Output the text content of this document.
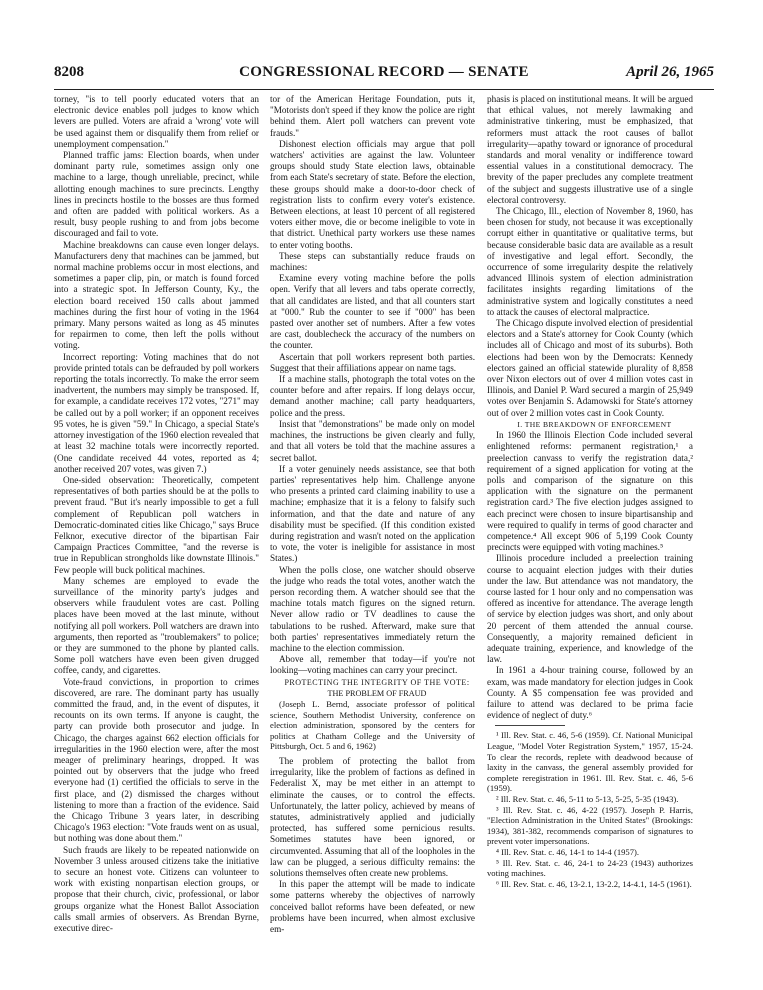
CONGRESSIONAL RECORD — SENATE
8208	April 26, 1965

torney, "is to tell poorly educated voters that an electronic device enables poll judges to know which levers are pulled. Voters are afraid a 'wrong' vote will be used against them or disqualify them from relief or unemployment compensation."

Planned traffic jams: Election boards, when under dominant party rule, sometimes assign only one machine to a large, though unreliable, precinct, while allotting enough machines to sure precincts. Lengthy lines in precincts hostile to the bosses are thus formed and often are padded with political workers. As a result, busy people rushing to and from jobs become discouraged and fail to vote.

Machine breakdowns can cause even longer delays. Manufacturers deny that machines can be jammed, but normal machine problems occur in most elections, and sometimes a paper clip, pin, or match is found forced into a strategic spot. In Jefferson County, Ky., the election board received 150 calls about jammed machines during the first hour of voting in the 1964 primary. Many persons waited as long as 45 minutes for repairmen to come, then left the polls without voting.

Incorrect reporting: Voting machines that do not provide printed totals can be defrauded by poll workers reporting the totals incorrectly. To make the error seem inadvertent, the numbers may simply be transposed. If, for example, a candidate receives 172 votes, "271" may be called out by a poll worker; if an opponent receives 95 votes, he is given "59." In Chicago, a special State's attorney investigation of the 1960 election revealed that at least 32 machine totals were incorrectly reported. (One candidate received 44 votes, reported as 4; another received 207 votes, was given 7.)

One-sided observation: Theoretically, competent representatives of both parties should be at the polls to prevent fraud. "But it's nearly impossible to get a full complement of Republican poll watchers in Democratic-dominated cities like Chicago," says Bruce Felknor, executive director of the bipartisan Fair Campaign Practices Committee, "and the reverse is true in Republican strongholds like downstate Illinois." Few people will buck political machines.

Many schemes are employed to evade the surveillance of the minority party's judges and observers while fraudulent votes are cast. Polling places have been moved at the last minute, without notifying all poll workers. Poll watchers are drawn into arguments, then reported as "troublemakers" to police; or they are summoned to the phone by planted calls. Some poll watchers have even been given drugged coffee, candy, and cigarettes.

Vote-fraud convictions, in proportion to crimes discovered, are rare. The dominant party has usually committed the fraud, and, in the event of disputes, it recounts on its own terms. If anyone is caught, the party can provide both prosecutor and judge. In Chicago, the charges against 662 election officials for irregularities in the 1960 election were, after the most meager of preliminary hearings, dropped. It was pointed out by observers that the judge who freed everyone had (1) certified the officials to serve in the first place, and (2) dismissed the charges without listening to more than a fraction of the evidence. Said the Chicago Tribune 3 years later, in describing Chicago's 1963 election: "Vote frauds went on as usual, but nothing was done about them."

Such frauds are likely to be repeated nationwide on November 3 unless aroused citizens take the initiative to secure an honest vote. Citizens can volunteer to work with existing nonpartisan election groups, or propose that their church, civic, professional, or labor groups organize what the Honest Ballot Association calls small armies of observers. As Brendan Byrne, executive direc-

tor of the American Heritage Foundation, puts it, "Motorists don't speed if they know the police are right behind them. Alert poll watchers can prevent vote frauds."

Dishonest election officials may argue that poll watchers' activities are against the law. Volunteer groups should study State election laws, obtainable from each State's secretary of state. Before the election, these groups should make a door-to-door check of registration lists to confirm every voter's existence. Between elections, at least 10 percent of all registered voters either move, die or become ineligible to vote in that district. Unethical party workers use these names to enter voting booths.

These steps can substantially reduce frauds on machines:

Examine every voting machine before the polls open. Verify that all levers and tabs operate correctly, that all candidates are listed, and that all counters start at "000." Rub the counter to see if "000" has been pasted over another set of numbers. After a few votes are cast, doublecheck the accuracy of the numbers on the counter.

Ascertain that poll workers represent both parties. Suggest that their affiliations appear on name tags.

If a machine stalls, photograph the total votes on the counter before and after repairs. If long delays occur, demand another machine; call party headquarters, police and the press.

Insist that "demonstrations" be made only on model machines, the instructions be given clearly and fully, and that all voters be told that the machine assures a secret ballot.

If a voter genuinely needs assistance, see that both parties' representatives help him. Challenge anyone who presents a printed card claiming inability to use a machine; emphasize that it is a felony to falsify such information, and that the date and nature of any disability must be specified. (If this condition existed during registration and wasn't noted on the application to vote, the voter is ineligible for assistance in most States.)

When the polls close, one watcher should observe the judge who reads the total votes, another watch the person recording them. A watcher should see that the machine totals match figures on the signed return. Never allow radio or TV deadlines to cause the tabulations to be rushed. Afterward, make sure that both parties' representatives immediately return the machine to the election commission.

Above all, remember that today—if you're not looking—voting machines can carry your precinct.

PROTECTING THE INTEGRITY OF THE VOTE:

THE PROBLEM OF FRAUD

(Joseph L. Bernd, associate professor of political science, Southern Methodist University, conference on election administration, sponsored by the centers for politics at Chatham College and the University of Pittsburgh, Oct. 5 and 6, 1962)

The problem of protecting the ballot from irregularity, like the problem of factions as defined in Federalist X, may be met either in an attempt to eliminate the causes, or to control the effects. Unfortunately, the latter policy, achieved by means of statutes, administratively applied and judicially protected, has suffered some pernicious results. Sometimes statutes have been ignored, or circumvented. Assuming that all of the loopholes in the law can be plugged, a serious difficulty remains: the solutions themselves often create new problems.

In this paper the attempt will be made to indicate some patterns whereby the objectives of narrowly conceived ballot reforms have been defeated, or new problems have been incurred, when almost exclusive em-

phasis is placed on institutional means. It will be argued that ethical values, not merely lawmaking and administrative tinkering, must be emphasized, that reformers must attack the root causes of ballot irregularity—apathy toward or ignorance of procedural standards and moral venality or indifference toward essential values in a constitutional democracy. The brevity of the paper precludes any complete treatment of the subject and suggests illustrative use of a single electoral controversy.

The Chicago, Ill., election of November 8, 1960, has been chosen for study, not because it was exceptionally corrupt either in quantitative or qualitative terms, but because considerable basic data are available as a result of investigative and legal effort. Secondly, the occurrence of some irregularity despite the relatively advanced Illinois system of election administration facilitates insights regarding limitations of the administrative system and logically constitutes a need to attack the causes of electoral malpractice.

The Chicago dispute involved election of presidential electors and a State's attorney for Cook County (which includes all of Chicago and most of its suburbs). Both elections had been won by the Democrats: Kennedy electors gained an official statewide plurality of 8,858 over Nixon electors out of over 4 million votes cast in Illinois, and Daniel P. Ward secured a margin of 25,949 votes over Benjamin S. Adamowski for State's attorney out of over 2 million votes cast in Cook County.

I. THE BREAKDOWN OF ENFORCEMENT

In 1960 the Illinois Election Code included several enlightened reforms: permanent registration,¹ a preelection canvass to verify the registration data,² requirement of a signed application for voting at the polls and comparison of the signature on this application with the signature on the permanent registration card.³ The five election judges assigned to each precinct were chosen to insure bipartisanship and were required to qualify in terms of good character and competence.⁴ All except 906 of 5,199 Cook County precincts were equipped with voting machines.⁵

Illinois procedure included a preelection training course to acquaint election judges with their duties under the law. But attendance was not mandatory, the course lasted for 1 hour only and no compensation was offered as incentive for attendance. The average length of service by election judges was short, and only about 20 percent of them attended the annual course. Consequently, a majority remained deficient in adequate training, experience, and knowledge of the law.

In 1961 a 4-hour training course, followed by an exam, was made mandatory for election judges in Cook County. A $5 compensation fee was provided and failure to attend was declared to be prima facie evidence of neglect of duty.⁶

¹ Ill. Rev. Stat. c. 46, 5-6 (1959). Cf. National Municipal League, "Model Voter Registration System," 1957, 15-24. To clear the records, replete with deadwood because of laxity in the canvass, the general assembly provided for complete reregistration in 1961. Ill. Rev. Stat. c. 46, 5-6 (1959).

² Ill. Rev. Stat. c. 46, 5-11 to 5-13, 5-25, 5-35 (1943).

³ Ill. Rev. Stat. c. 46, 4-22 (1957). Joseph P. Harris, "Election Administration in the United States" (Brookings: 1934), 381-382, recommends comparison of signatures to prevent voter impersonations.

⁴ Ill. Rev. Stat. c. 46, 14-1 to 14-4 (1957).

⁵ Ill. Rev. Stat. c. 46, 24-1 to 24-23 (1943) authorizes voting machines.

⁶ Ill. Rev. Stat. c. 46, 13-2.1, 13-2.2, 14-4.1, 14-5 (1961).
